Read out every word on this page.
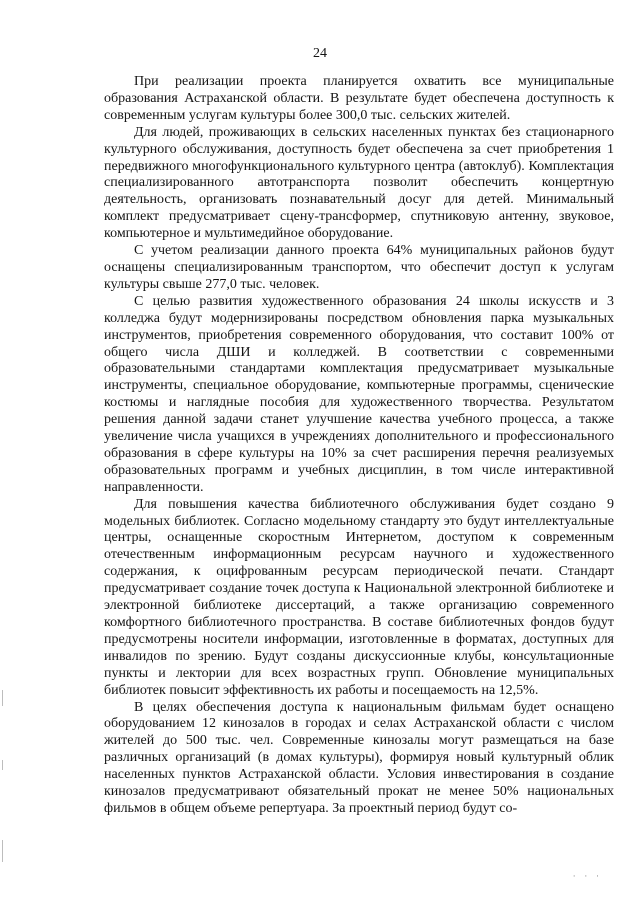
24

При реализации проекта планируется охватить все муниципальные образования Астраханской области. В результате будет обеспечена доступность к современным услугам культуры более 300,0 тыс. сельских жителей.

Для людей, проживающих в сельских населенных пунктах без стационарного культурного обслуживания, доступность будет обеспечена за счет приобретения 1 передвижного многофункционального культурного центра (автоклуб). Комплектация специализированного автотранспорта позволит обеспечить концертную деятельность, организовать познавательный досуг для детей. Минимальный комплект предусматривает сцену-трансформер, спутниковую антенну, звуковое, компьютерное и мультимедийное оборудование.

С учетом реализации данного проекта 64% муниципальных районов будут оснащены специализированным транспортом, что обеспечит доступ к услугам культуры свыше 277,0 тыс. человек.

С целью развития художественного образования 24 школы искусств и 3 колледжа будут модернизированы посредством обновления парка музыкальных инструментов, приобретения современного оборудования, что составит 100% от общего числа ДШИ и колледжей. В соответствии с современными образовательными стандартами комплектация предусматривает музыкальные инструменты, специальное оборудование, компьютерные программы, сценические костюмы и наглядные пособия для художественного творчества. Результатом решения данной задачи станет улучшение качества учебного процесса, а также увеличение числа учащихся в учреждениях дополнительного и профессионального образования в сфере культуры на 10% за счет расширения перечня реализуемых образовательных программ и учебных дисциплин, в том числе интерактивной направленности.

Для повышения качества библиотечного обслуживания будет создано 9 модельных библиотек. Согласно модельному стандарту это будут интеллектуальные центры, оснащенные скоростным Интернетом, доступом к современным отечественным информационным ресурсам научного и художественного содержания, к оцифрованным ресурсам периодической печати. Стандарт предусматривает создание точек доступа к Национальной электронной библиотеке и электронной библиотеке диссертаций, а также организацию современного комфортного библиотечного пространства. В составе библиотечных фондов будут предусмотрены носители информации, изготовленные в форматах, доступных для инвалидов по зрению. Будут созданы дискуссионные клубы, консультационные пункты и лектории для всех возрастных групп. Обновление муниципальных библиотек повысит эффективность их работы и посещаемость на 12,5%.

В целях обеспечения доступа к национальным фильмам будет оснащено оборудованием 12 кинозалов в городах и селах Астраханской области с числом жителей до 500 тыс. чел. Современные кинозалы могут размещаться на базе различных организаций (в домах культуры), формируя новый культурный облик населенных пунктов Астраханской области. Условия инвестирования в создание кинозалов предусматривают обязательный прокат не менее 50% национальных фильмов в общем объеме репертуара. За проектный период будут со-

· · ·
